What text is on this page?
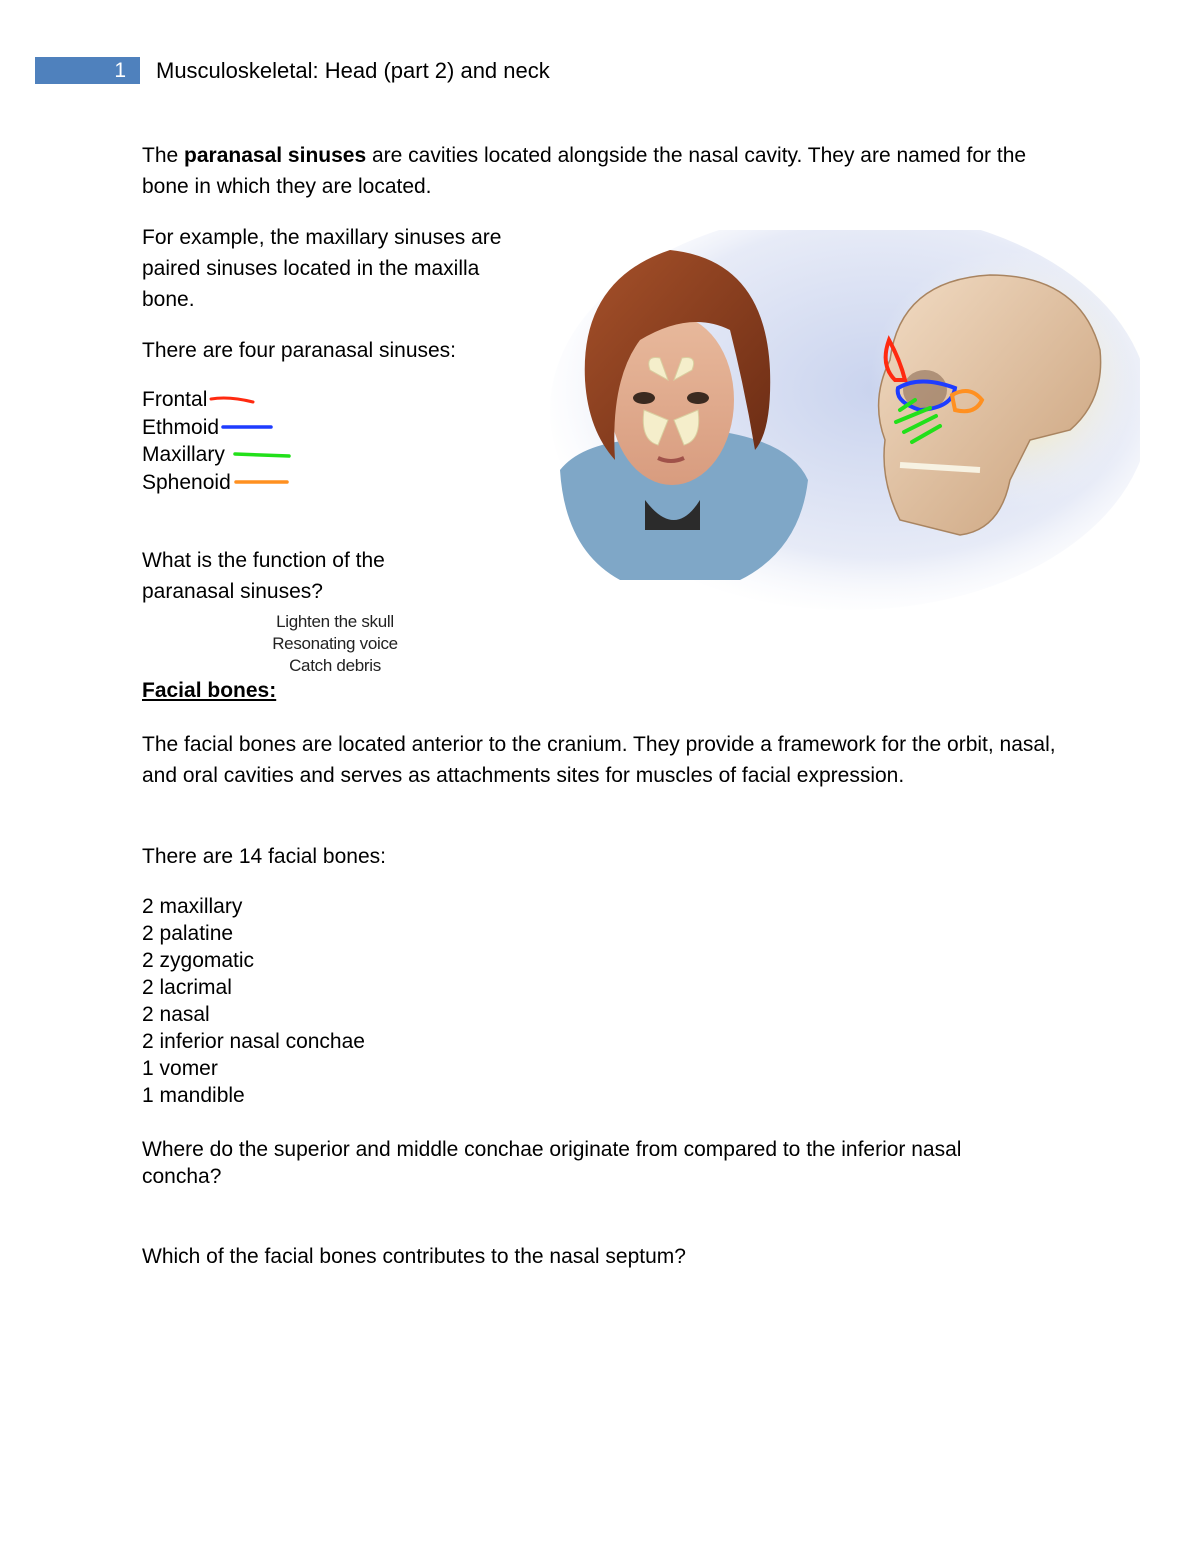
1 Musculoskeletal: Head (part 2) and neck
The paranasal sinuses are cavities located alongside the nasal cavity. They are named for the bone in which they are located.
For example, the maxillary sinuses are paired sinuses located in the maxilla bone.
There are four paranasal sinuses:
Frontal
Ethmoid
Maxillary
Sphenoid
What is the function of the paranasal sinuses?
Lighten the skull
Resonating voice
Catch debris
Facial bones:
The facial bones are located anterior to the cranium. They provide a framework for the orbit, nasal, and oral cavities and serves as attachments sites for muscles of facial expression.
There are 14 facial bones:
2 maxillary
2 palatine
2 zygomatic
2 lacrimal
2 nasal
2 inferior nasal conchae
1 vomer
1 mandible
Where do the superior and middle conchae originate from compared to the inferior nasal concha?
Which of the facial bones contributes to the nasal septum?
